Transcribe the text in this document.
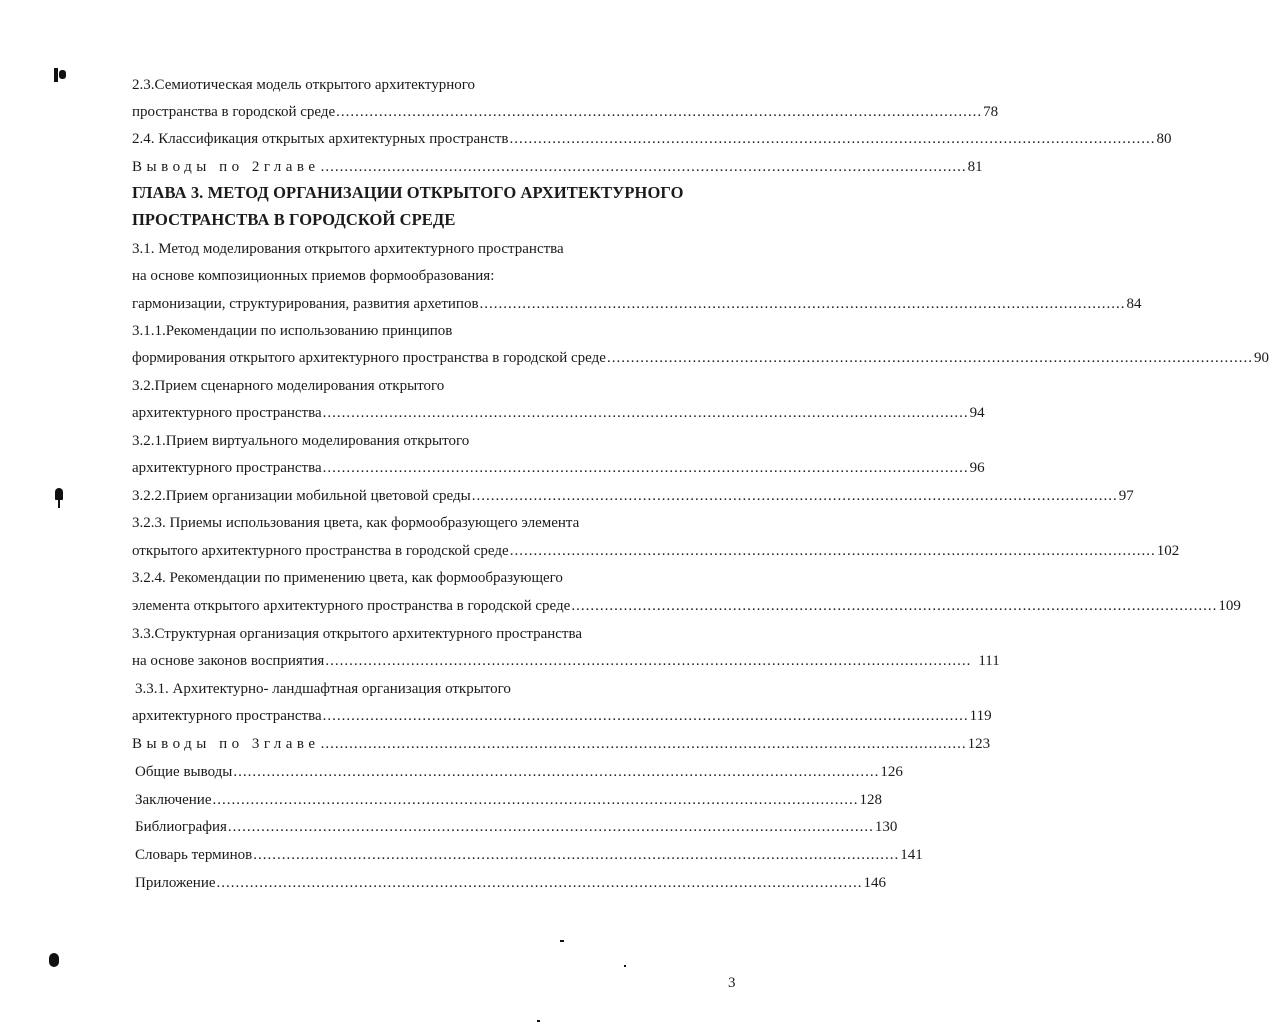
2.3.Семиотическая модель открытого архитектурного
пространства в городской среде ........................................................................................................................................ 78
2.4. Классификация открытых архитектурных пространств ........................................................................................................................................ 80
Выводы по 2главе ........................................................................................................................................ 81
ГЛАВА 3. МЕТОД ОРГАНИЗАЦИИ ОТКРЫТОГО АРХИТЕКТУРНОГО
ПРОСТРАНСТВА В ГОРОДСКОЙ СРЕДЕ
3.1. Метод моделирования открытого архитектурного пространства
на основе композиционных приемов формообразования:
гармонизации, структурирования, развития архетипов ........................................................................................................................................ 84
3.1.1.Рекомендации по использованию принципов
формирования открытого архитектурного пространства в городской среде ........................................................................................................................................ 90
3.2.Прием сценарного моделирования открытого
архитектурного пространства ........................................................................................................................................ 94
3.2.1.Прием виртуального моделирования открытого
архитектурного пространства ........................................................................................................................................ 96
3.2.2.Прием организации мобильной цветовой среды ........................................................................................................................................ 97
3.2.3. Приемы использования цвета, как формообразующего элемента
открытого архитектурного пространства в городской среде ........................................................................................................................................ 102
3.2.4. Рекомендации по применению цвета, как формообразующего
элемента открытого архитектурного пространства в городской среде ........................................................................................................................................ 109
3.3.Структурная организация открытого архитектурного пространства
на основе законов восприятия ........................................................................................................................................ 111
3.3.1. Архитектурно- ландшафтная организация открытого
архитектурного пространства ........................................................................................................................................ 119
Выводы по 3главе ........................................................................................................................................ 123
Общие выводы ........................................................................................................................................ 126
Заключение ........................................................................................................................................ 128
Библиография ........................................................................................................................................ 130
Словарь терминов ........................................................................................................................................ 141
Приложение ........................................................................................................................................ 146
3
